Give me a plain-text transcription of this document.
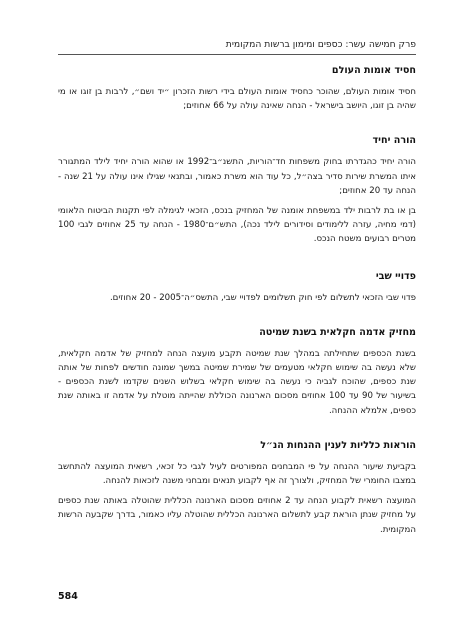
פרק חמישה עשר: כספים ומימון ברשות המקומית
חסיד אומות העולם

חסיד אומות העולם, שהוכר כחסיד אומות העולם בידי רשות הזכרון ״יד ושם״, לרבות בן זוגו או מי שהיה בן זוגו, היושב בישראל - הנחה שאינה עולה על 66 אחוזים;

הורה יחיד

הורה יחיד כהגדרתו בחוק משפחות חד־הוריות, התשנ״ב־1992 או שהוא הורה יחיד לילד המתגורר איתו המשרת שירות סדיר בצה״ל, כל עוד הוא משרת כאמור, ובתנאי שגילו אינו עולה על 21 שנה - הנחה עד 20 אחוזים;

בן או בת לרבות ילד במשפחת אומנה של המחזיק בנכס, הזכאי לגימלה לפי תקנות הביטוח הלאומי (דמי מחיה, עזרה ללימודים וסידורים לילד נכה), התש״ם־1980 - הנחה עד 25 אחוזים לגבי 100 מטרים רבועים משטח הנכס.

פדויי שבי

פדוי שבי הזכאי לתשלום לפי חוק תשלומים לפדויי שבי, התשס״ה־2005 - 20 אחוזים.

מחזיק אדמה חקלאית בשנת שמיטה

בשנת הכספים שתחילתה במהלך שנת שמיטה תקבע מועצה הנחה למחזיק של אדמה חקלאית, שלא נעשה בה שימוש חקלאי מטעמים של שמירת שמיטה במשך שמונה חודשים לפחות של אותה שנת כספים, שהוכח לגביה כי נעשה בה שימוש חקלאי בשלוש השנים שקדמו לשנת הכספים - בשיעור של 90 עד 100 אחוזים מסכום הארנונה הכוללת שהייתה מוטלת על אדמה זו באותה שנת כספים, אלמלא ההנחה.

הוראות כלליות לענין ההנחות הנ״ל

בקביעת שיעור ההנחה על פי המבחנים המפורטים לעיל לגבי כל זכאי, רשאית המועצה להתחשב במצבו החומרי של המחזיק, ולצורך זה אף לקבוע תנאים ומבחני משנה לזכאות להנחה.

המועצה רשאית לקבוע הנחה עד 2 אחוזים מסכום הארנונה הכללית שהוטלה באותה שנת כספים על מחזיק שנתן הוראת קבע לתשלום הארנונה הכללית שהוטלה עליו כאמור, בדרך שקבעה הרשות המקומית.

584
